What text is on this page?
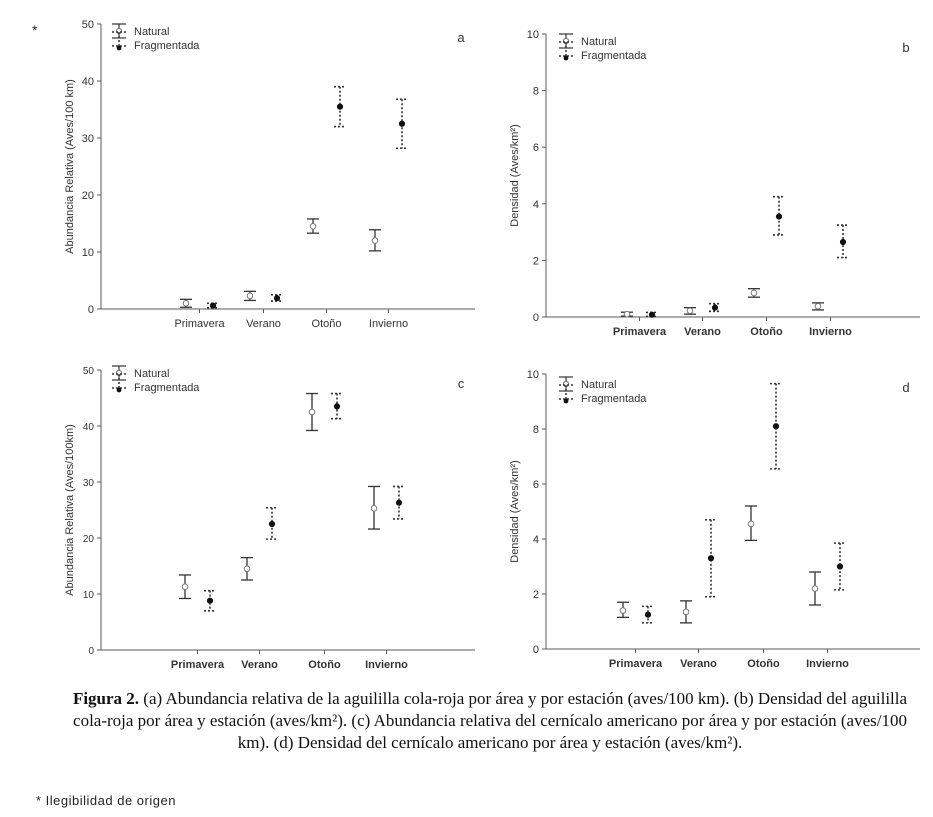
*
0
10
20
30
40
50
Primavera Verano	Otoño Invierno
Abundancia Relativa (Aves/100 km)
a
Natural
Fragmentada
0
2
4
6
8
10
Primavera Verano	Otoño Invierno
Densidad (Aves/km²)
b
Natural
Fragmentada
0
10
20
30
40
50
Primavera Verano	Otoño Invierno
Abundancia Relativa (Aves/100km)
c
Natural
Fragmentada
0
2
4
6
8
10
Primavera Verano	Otoño Invierno
Densidad (Aves/km²)
d
Natural
Fragmentada
Figura 2. (a) Abundancia relativa de la aguililla cola-roja por área y por estación (aves/100 km). (b) Densidad del aguililla cola-roja por área y estación (aves/km²). (c) Abundancia relativa del cernícalo americano por área y por estación (aves/100 km). (d) Densidad del cernícalo americano por área y estación (aves/km²).
* Ilegibilidad de origen
